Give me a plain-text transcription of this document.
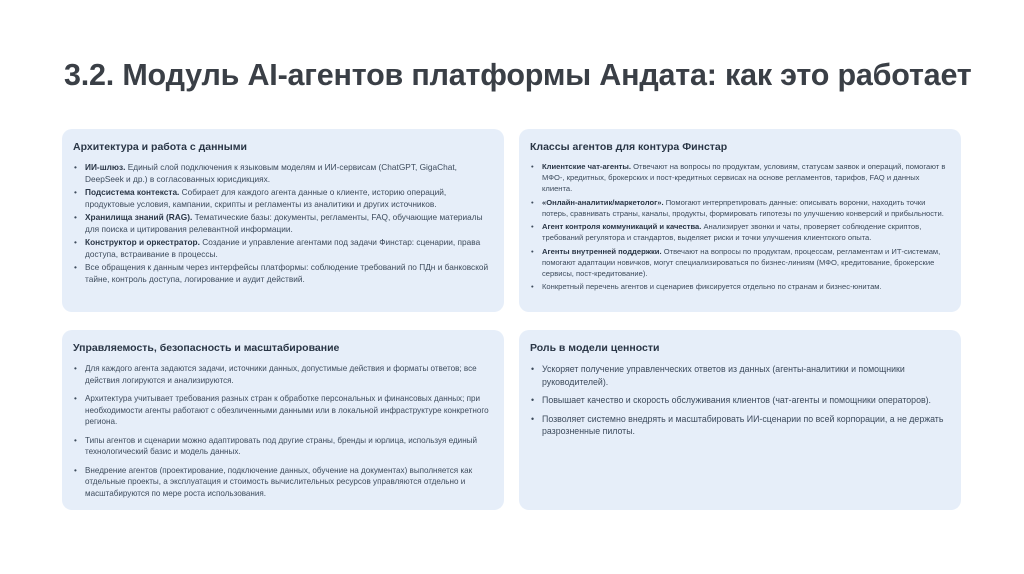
3.2. Модуль AI-агентов платформы Андата: как это работает
Архитектура и работа с данными
• ИИ-шлюз. Единый слой подключения к языковым моделям и ИИ-сервисам (ChatGPT, GigaChat, DeepSeek и др.) в согласованных юрисдикциях.
• Подсистема контекста. Собирает для каждого агента данные о клиенте, историю операций, продуктовые условия, кампании, скрипты и регламенты из аналитики и других источников.
• Хранилища знаний (RAG). Тематические базы: документы, регламенты, FAQ, обучающие материалы для поиска и цитирования релевантной информации.
• Конструктор и оркестратор. Создание и управление агентами под задачи Финстар: сценарии, права доступа, встраивание в процессы.
• Все обращения к данным через интерфейсы платформы: соблюдение требований по ПДн и банковской тайне, контроль доступа, логирование и аудит действий.
Классы агентов для контура Финстар
• Клиентские чат-агенты. Отвечают на вопросы по продуктам, условиям, статусам заявок и операций, помогают в МФО-, кредитных, брокерских и пост-кредитных сервисах на основе регламентов, тарифов, FAQ и данных клиента.
• «Онлайн-аналитик/маркетолог». Помогают интерпретировать данные: описывать воронки, находить точки потерь, сравнивать страны, каналы, продукты, формировать гипотезы по улучшению конверсий и прибыльности.
• Агент контроля коммуникаций и качества. Анализирует звонки и чаты, проверяет соблюдение скриптов, требований регулятора и стандартов, выделяет риски и точки улучшения клиентского опыта.
• Агенты внутренней поддержки. Отвечают на вопросы по продуктам, процессам, регламентам и ИТ-системам, помогают адаптации новичков, могут специализироваться по бизнес-линиям (МФО, кредитование, брокерские сервисы, пост-кредитование).
• Конкретный перечень агентов и сценариев фиксируется отдельно по странам и бизнес-юнитам.
Управляемость, безопасность и масштабирование
• Для каждого агента задаются задачи, источники данных, допустимые действия и форматы ответов; все действия логируются и анализируются.
• Архитектура учитывает требования разных стран к обработке персональных и финансовых данных; при необходимости агенты работают с обезличенными данными или в локальной инфраструктуре конкретного региона.
• Типы агентов и сценарии можно адаптировать под другие страны, бренды и юрлица, используя единый технологический базис и модель данных.
• Внедрение агентов (проектирование, подключение данных, обучение на документах) выполняется как отдельные проекты, а эксплуатация и стоимость вычислительных ресурсов управляются отдельно и масштабируются по мере роста использования.
Роль в модели ценности
• Ускоряет получение управленческих ответов из данных (агенты-аналитики и помощники руководителей).
• Повышает качество и скорость обслуживания клиентов (чат-агенты и помощники операторов).
• Позволяет системно внедрять и масштабировать ИИ-сценарии по всей корпорации, а не держать разрозненные пилоты.
